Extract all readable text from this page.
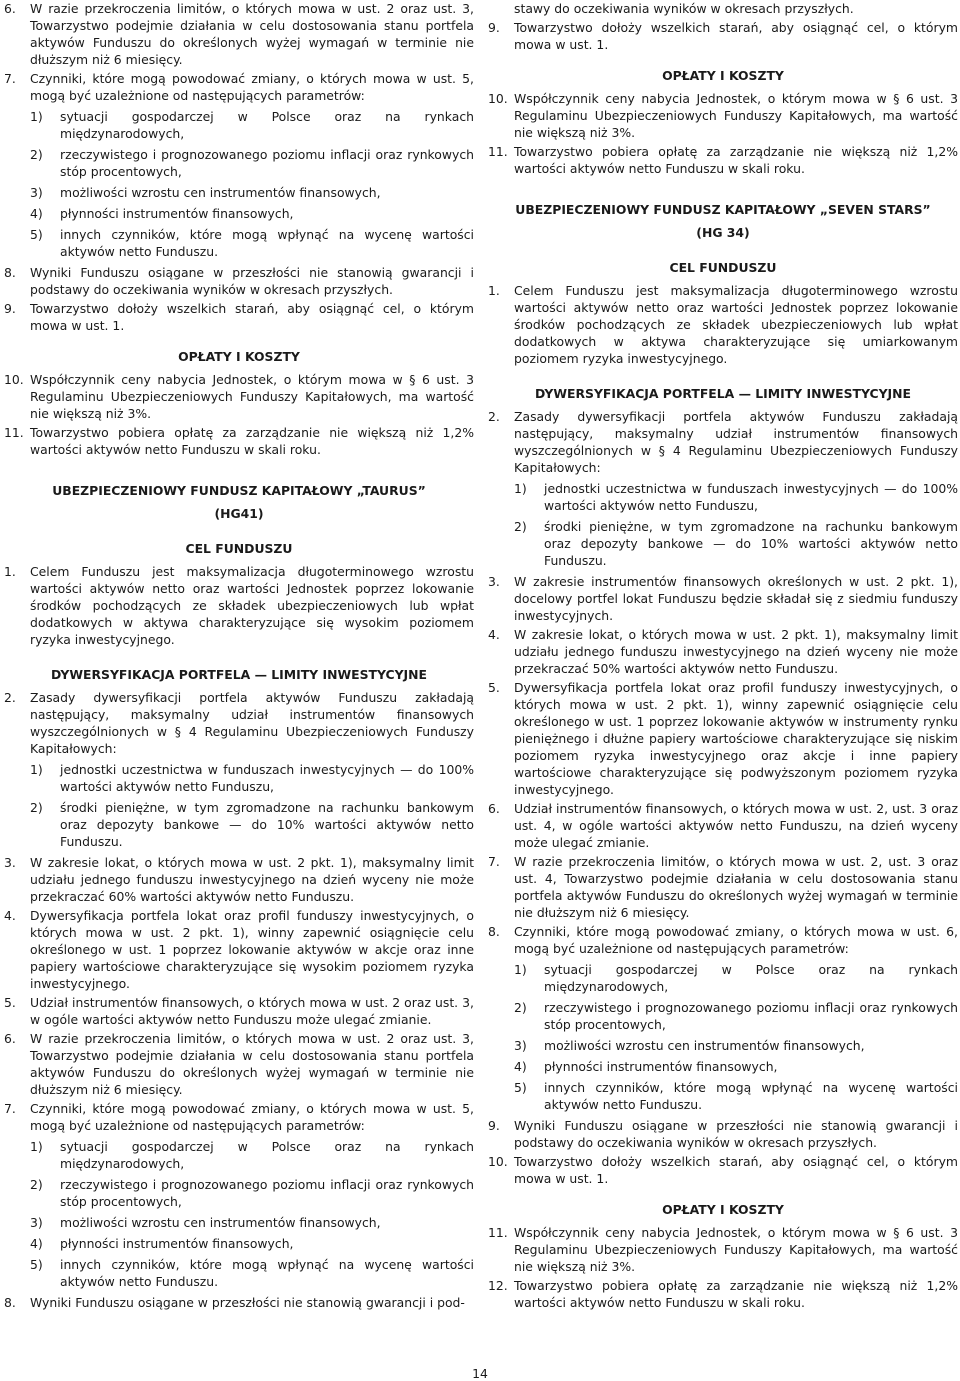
6.	W razie przekroczenia limitów, o których mowa w ust. 2 oraz ust. 3, Towarzystwo podejmie działania w celu dostosowania stanu portfela aktywów Funduszu do określonych wyżej wymagań w terminie nie dłuższym niż 6 miesięcy.
7.	Czynniki, które mogą powodować zmiany, o których mowa w ust. 5, mogą być uzależnione od następujących parametrów:
1)	sytuacji gospodarczej w Polsce oraz na rynkach międzynarodowych,
2)	rzeczywistego i prognozowanego poziomu inflacji oraz rynkowych stóp procentowych,
3)	możliwości wzrostu cen instrumentów finansowych,
4)	płynności instrumentów finansowych,
5)	innych czynników, które mogą wpłynąć na wycenę wartości aktywów netto Funduszu.
8.	Wyniki Funduszu osiągane w przeszłości nie stanowią gwarancji i podstawy do oczekiwania wyników w okresach przyszłych.
9.	Towarzystwo dołoży wszelkich starań, aby osiągnąć cel, o którym mowa w ust. 1.
OPŁATY I KOSZTY
10. Współczynnik ceny nabycia Jednostek, o którym mowa w § 6 ust. 3 Regulaminu Ubezpieczeniowych Funduszy Kapitałowych, ma wartość nie większą niż 3%.
11. Towarzystwo pobiera opłatę za zarządzanie nie większą niż 1,2% wartości aktywów netto Funduszu w skali roku.
UBEZPIECZENIOWY FUNDUSZ KAPITAŁOWY „TAURUS”
(HG41)
CEL FUNDUSZU
1.	Celem Funduszu jest maksymalizacja długoterminowego wzrostu wartości aktywów netto oraz wartości Jednostek poprzez lokowanie środków pochodzących ze składek ubezpieczeniowych lub wpłat dodatkowych w aktywa charakteryzujące się wysokim poziomem ryzyka inwestycyjnego.
DYWERSYFIKACJA PORTFELA — LIMITY INWESTYCYJNE
2.	Zasady dywersyfikacji portfela aktywów Funduszu zakładają następujący, maksymalny udział instrumentów finansowych wyszczególnionych w § 4 Regulaminu Ubezpieczeniowych Funduszy Kapitałowych:
1)	jednostki uczestnictwa w funduszach inwestycyjnych — do 100% wartości aktywów netto Funduszu,
2)	środki pieniężne, w tym zgromadzone na rachunku bankowym oraz depozyty bankowe — do 10% wartości aktywów netto Funduszu.
3.	W zakresie lokat, o których mowa w ust. 2 pkt. 1), maksymalny limit udziału jednego funduszu inwestycyjnego na dzień wyceny nie może przekraczać 60% wartości aktywów netto Funduszu.
4.	Dywersyfikacja portfela lokat oraz profil funduszy inwestycyjnych, o których mowa w ust. 2 pkt. 1), winny zapewnić osiągnięcie celu określonego w ust. 1 poprzez lokowanie aktywów w akcje oraz inne papiery wartościowe charakteryzujące się wysokim poziomem ryzyka inwestycyjnego.
5.	Udział instrumentów finansowych, o których mowa w ust. 2 oraz ust. 3, w ogóle wartości aktywów netto Funduszu może ulegać zmianie.
6.	W razie przekroczenia limitów, o których mowa w ust. 2 oraz ust. 3, Towarzystwo podejmie działania w celu dostosowania stanu portfela aktywów Funduszu do określonych wyżej wymagań w terminie nie dłuższym niż 6 miesięcy.
7.	Czynniki, które mogą powodować zmiany, o których mowa w ust. 5, mogą być uzależnione od następujących parametrów:
1)	sytuacji gospodarczej w Polsce oraz na rynkach międzynarodowych,
2)	rzeczywistego i prognozowanego poziomu inflacji oraz rynkowych stóp procentowych,
3)	możliwości wzrostu cen instrumentów finansowych,
4)	płynności instrumentów finansowych,
5)	innych czynników, które mogą wpłynąć na wycenę wartości aktywów netto Funduszu.
8.	Wyniki Funduszu osiągane w przeszłości nie stanowią gwarancji i pod-
stawy do oczekiwania wyników w okresach przyszłych.
9.	Towarzystwo dołoży wszelkich starań, aby osiągnąć cel, o którym mowa w ust. 1.
OPŁATY I KOSZTY
10. Współczynnik ceny nabycia Jednostek, o którym mowa w § 6 ust. 3 Regulaminu Ubezpieczeniowych Funduszy Kapitałowych, ma wartość nie większą niż 3%.
11. Towarzystwo pobiera opłatę za zarządzanie nie większą niż 1,2% wartości aktywów netto Funduszu w skali roku.
UBEZPIECZENIOWY FUNDUSZ KAPITAŁOWY „SEVEN STARS”
(HG 34)
CEL FUNDUSZU
1.	Celem Funduszu jest maksymalizacja długoterminowego wzrostu wartości aktywów netto oraz wartości Jednostek poprzez lokowanie środków pochodzących ze składek ubezpieczeniowych lub wpłat dodatkowych w aktywa charakteryzujące się umiarkowanym poziomem ryzyka inwestycyjnego.
DYWERSYFIKACJA PORTFELA — LIMITY INWESTYCYJNE
2.	Zasady dywersyfikacji portfela aktywów Funduszu zakładają następujący, maksymalny udział instrumentów finansowych wyszczególnionych w § 4 Regulaminu Ubezpieczeniowych Funduszy Kapitałowych:
1)	jednostki uczestnictwa w funduszach inwestycyjnych — do 100% wartości aktywów netto Funduszu,
2)	środki pieniężne, w tym zgromadzone na rachunku bankowym oraz depozyty bankowe — do 10% wartości aktywów netto Funduszu.
3.	W zakresie instrumentów finansowych określonych w ust. 2 pkt. 1), docelowy portfel lokat Funduszu będzie składał się z siedmiu funduszy inwestycyjnych.
4.	W zakresie lokat, o których mowa w ust. 2 pkt. 1), maksymalny limit udziału jednego funduszu inwestycyjnego na dzień wyceny nie może przekraczać 50% wartości aktywów netto Funduszu.
5.	Dywersyfikacja portfela lokat oraz profil funduszy inwestycyjnych, o których mowa w ust. 2 pkt. 1), winny zapewnić osiągnięcie celu określonego w ust. 1 poprzez lokowanie aktywów w instrumenty rynku pieniężnego i dłużne papiery wartościowe charakteryzujące się niskim poziomem ryzyka inwestycyjnego oraz akcje i inne papiery wartościowe charakteryzujące się podwyższonym poziomem ryzyka inwestycyjnego.
6.	Udział instrumentów finansowych, o których mowa w ust. 2, ust. 3 oraz ust. 4, w ogóle wartości aktywów netto Funduszu, na dzień wyceny może ulegać zmianie.
7.	W razie przekroczenia limitów, o których mowa w ust. 2, ust. 3 oraz ust. 4, Towarzystwo podejmie działania w celu dostosowania stanu portfela aktywów Funduszu do określonych wyżej wymagań w terminie nie dłuższym niż 6 miesięcy.
8.	Czynniki, które mogą powodować zmiany, o których mowa w ust. 6, mogą być uzależnione od następujących parametrów:
1)	sytuacji gospodarczej w Polsce oraz na rynkach międzynarodowych,
2)	rzeczywistego i prognozowanego poziomu inflacji oraz rynkowych stóp procentowych,
3)	możliwości wzrostu cen instrumentów finansowych,
4)	płynności instrumentów finansowych,
5)	innych czynników, które mogą wpłynąć na wycenę wartości aktywów netto Funduszu.
9.	Wyniki Funduszu osiągane w przeszłości nie stanowią gwarancji i podstawy do oczekiwania wyników w okresach przyszłych.
10. Towarzystwo dołoży wszelkich starań, aby osiągnąć cel, o którym mowa w ust. 1.
OPŁATY I KOSZTY
11. Współczynnik ceny nabycia Jednostek, o którym mowa w § 6 ust. 3 Regulaminu Ubezpieczeniowych Funduszy Kapitałowych, ma wartość nie większą niż 3%.
12. Towarzystwo pobiera opłatę za zarządzanie nie większą niż 1,2% wartości aktywów netto Funduszu w skali roku.
14
